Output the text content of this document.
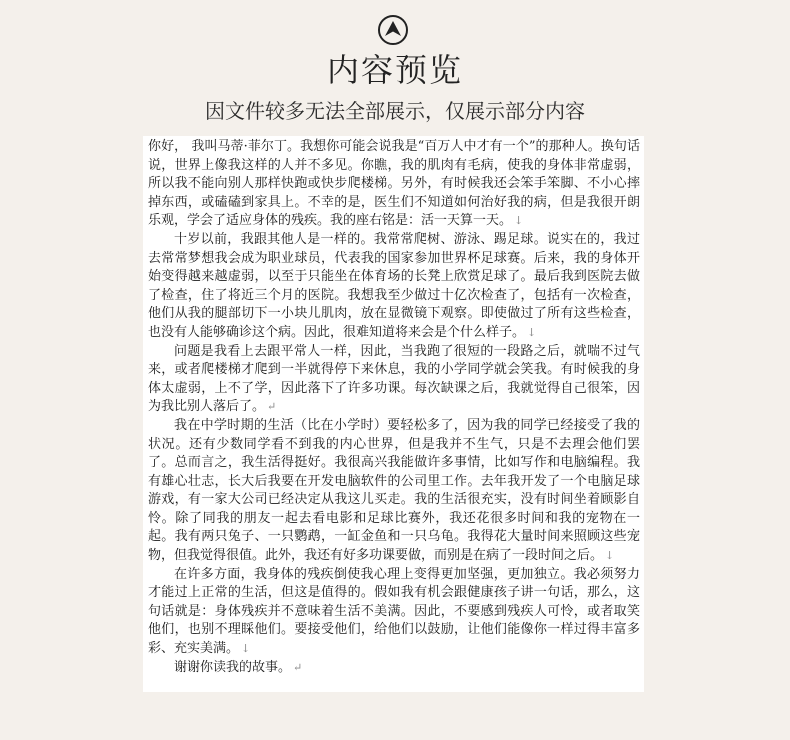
内容预览
因文件较多无法全部展示，仅展示部分内容

你好， 我叫马蒂·菲尔丁。我想你可能会说我是“百万人中才有一个”的那种人。换句话说，世界上像我这样的人并不多见。你瞧，我的肌肉有毛病，使我的身体非常虚弱，所以我不能向别人那样快跑或快步爬楼梯。另外，有时候我还会笨手笨脚、不小心摔掉东西，或磕磕到家具上。不幸的是，医生们不知道如何治好我的病，但是我很开朗乐观，学会了适应身体的残疾。我的座右铭是：活一天算一天。 ↓

十岁以前，我跟其他人是一样的。我常常爬树、游泳、踢足球。说实在的，我过去常常梦想我会成为职业球员，代表我的国家参加世界杯足球赛。后来，我的身体开始变得越来越虚弱，以至于只能坐在体育场的长凳上欣赏足球了。最后我到医院去做了检查，住了将近三个月的医院。我想我至少做过十亿次检查了，包括有一次检查，他们从我的腿部切下一小块儿肌肉，放在显微镜下观察。即使做过了所有这些检查，也没有人能够确诊这个病。因此，很难知道将来会是个什么样子。 ↓

问题是我看上去跟平常人一样，因此，当我跑了很短的一段路之后，就喘不过气来，或者爬楼梯才爬到一半就得停下来休息，我的小学同学就会笑我。有时候我的身体太虚弱，上不了学，因此落下了许多功课。每次缺课之后，我就觉得自己很笨，因为我比别人落后了。 ↵

我在中学时期的生活（比在小学时）要轻松多了，因为我的同学已经接受了我的状况。还有少数同学看不到我的内心世界，但是我并不生气，只是不去理会他们罢了。总而言之，我生活得挺好。我很高兴我能做许多事情，比如写作和电脑编程。我有雄心壮志，长大后我要在开发电脑软件的公司里工作。去年我开发了一个电脑足球游戏，有一家大公司已经决定从我这儿买走。我的生活很充实，没有时间坐着顾影自怜。除了同我的朋友一起去看电影和足球比赛外，我还花很多时间和我的宠物在一起。我有两只兔子、一只鹦鹉，一缸金鱼和一只乌龟。我得花大量时间来照顾这些宠物，但我觉得很值。此外，我还有好多功课要做，而别是在病了一段时间之后。 ↓

在许多方面，我身体的残疾倒使我心理上变得更加坚强，更加独立。我必须努力才能过上正常的生活，但这是值得的。假如我有机会跟健康孩子讲一句话，那么，这句话就是：身体残疾并不意味着生活不美满。因此，不要感到残疾人可怜，或者取笑他们，也别不理睬他们。要接受他们，给他们以鼓励，让他们能像你一样过得丰富多彩、充实美满。 ↓

谢谢你读我的故事。 ↵
